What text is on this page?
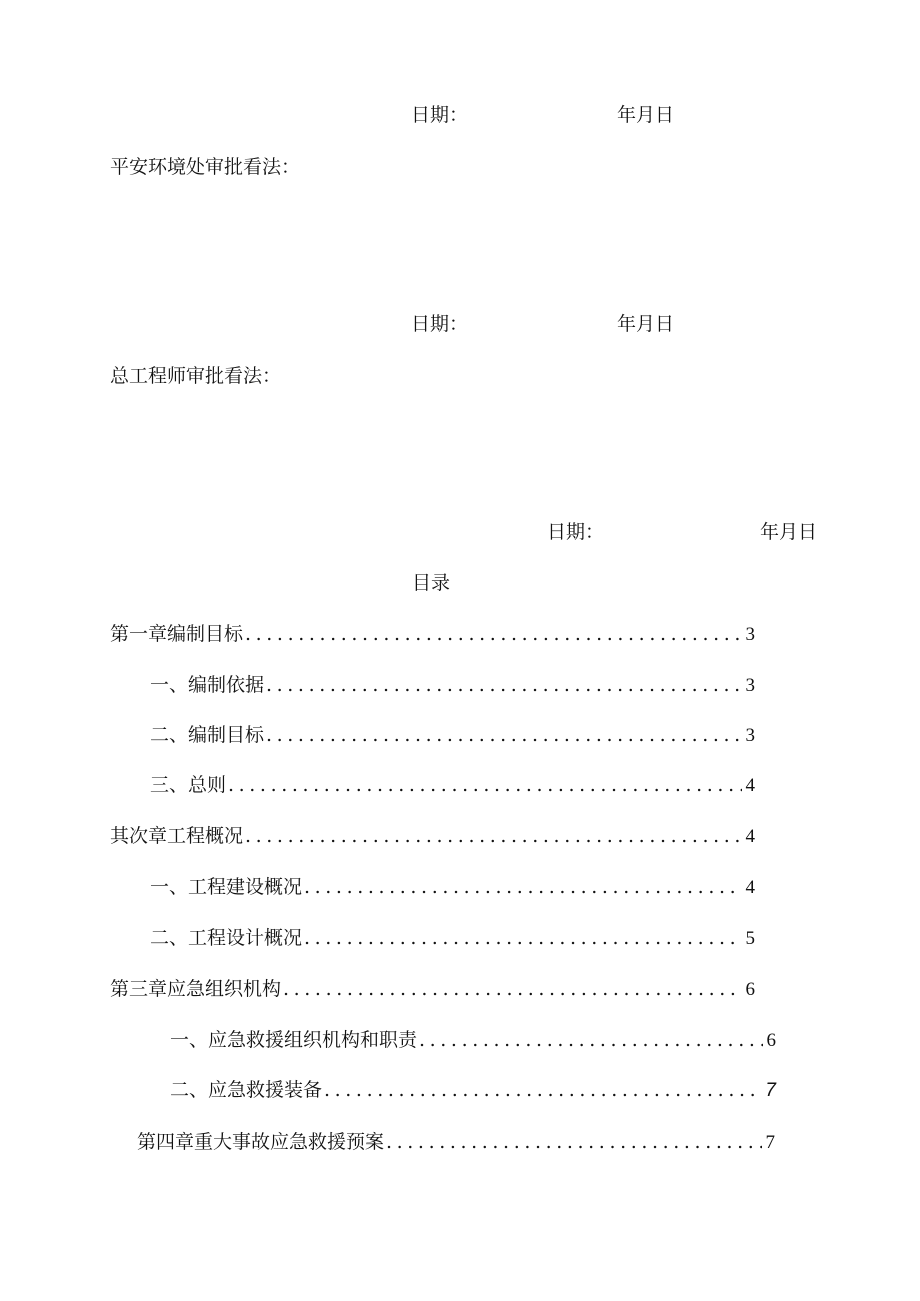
日期：	年月日
平安环境处审批看法：
日期：	年月日
总工程师审批看法：
日期：	年月日
目录
第一章编制目标 .....	3
一、编制依据 .....	3
二、编制目标 .....	3
三、总则 .....	4
其次章工程概况 .....	4
一、工程建设概况 .....	4
二、工程设计概况 .....	5
第三章应急组织机构 .....	6
一、应急救援组织机构和职责 .....	6
二、应急救援装备 .....	7
第四章重大事故应急救援预案 .....	7
